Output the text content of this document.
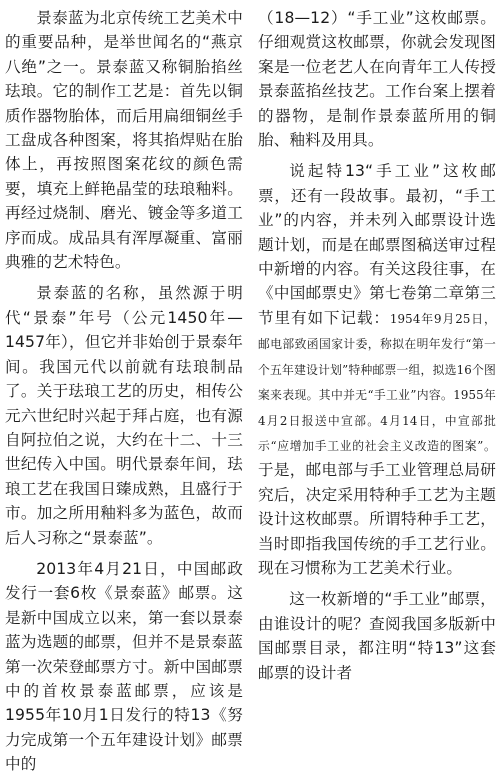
景泰蓝为北京传统工艺美术中的重要品种，是举世闻名的“燕京八绝”之一。景泰蓝又称铜胎掐丝珐琅。它的制作工艺是：首先以铜质作器物胎体，而后用扁细铜丝手工盘成各种图案，将其掐焊贴在胎体上，再按照图案花纹的颜色需要，填充上鲜艳晶莹的珐琅釉料。再经过烧制、磨光、镀金等多道工序而成。成品具有浑厚凝重、富丽典雅的艺术特色。

景泰蓝的名称，虽然源于明代“景泰”年号（公元1450年—1457年），但它并非始创于景泰年间。我国元代以前就有珐琅制品了。关于珐琅工艺的历史，相传公元六世纪时兴起于拜占庭，也有源自阿拉伯之说，大约在十二、十三世纪传入中国。明代景泰年间，珐琅工艺在我国日臻成熟，且盛行于市。加之所用釉料多为蓝色，故而后人习称之“景泰蓝”。

2013年4月21日，中国邮政发行一套6枚《景泰蓝》邮票。这是新中国成立以来，第一套以景泰蓝为选题的邮票，但并不是景泰蓝第一次荣登邮票方寸。新中国邮票中的首枚景泰蓝邮票，应该是1955年10月1日发行的特13《努力完成第一个五年建设计划》邮票中的

（18—12）“手工业”这枚邮票。仔细观赏这枚邮票，你就会发现图案是一位老艺人在向青年工人传授景泰蓝掐丝技艺。工作台案上摆着的器物，是制作景泰蓝所用的铜胎、釉料及用具。

说起特13“手工业”这枚邮票，还有一段故事。最初，“手工业”的内容，并未列入邮票设计选题计划，而是在邮票图稿送审过程中新增的内容。有关这段往事，在《中国邮票史》第七卷第二章第三节里有如下记载：1954年9月25日，邮电部致函国家计委，称拟在明年发行“第一个五年建设计划”特种邮票一组，拟选16个图案来表现。其中并无“手工业”内容。1955年4月2日报送中宣部。4月14日，中宣部批示“应增加手工业的社会主义改造的图案”。于是，邮电部与手工业管理总局研究后，决定采用特种手工艺为主题设计这枚邮票。所谓特种手工艺，当时即指我国传统的手工艺行业。现在习惯称为工艺美术行业。

这一枚新增的“手工业”邮票，由谁设计的呢？查阅我国多版新中国邮票目录，都注明“特13”这套邮票的设计者
